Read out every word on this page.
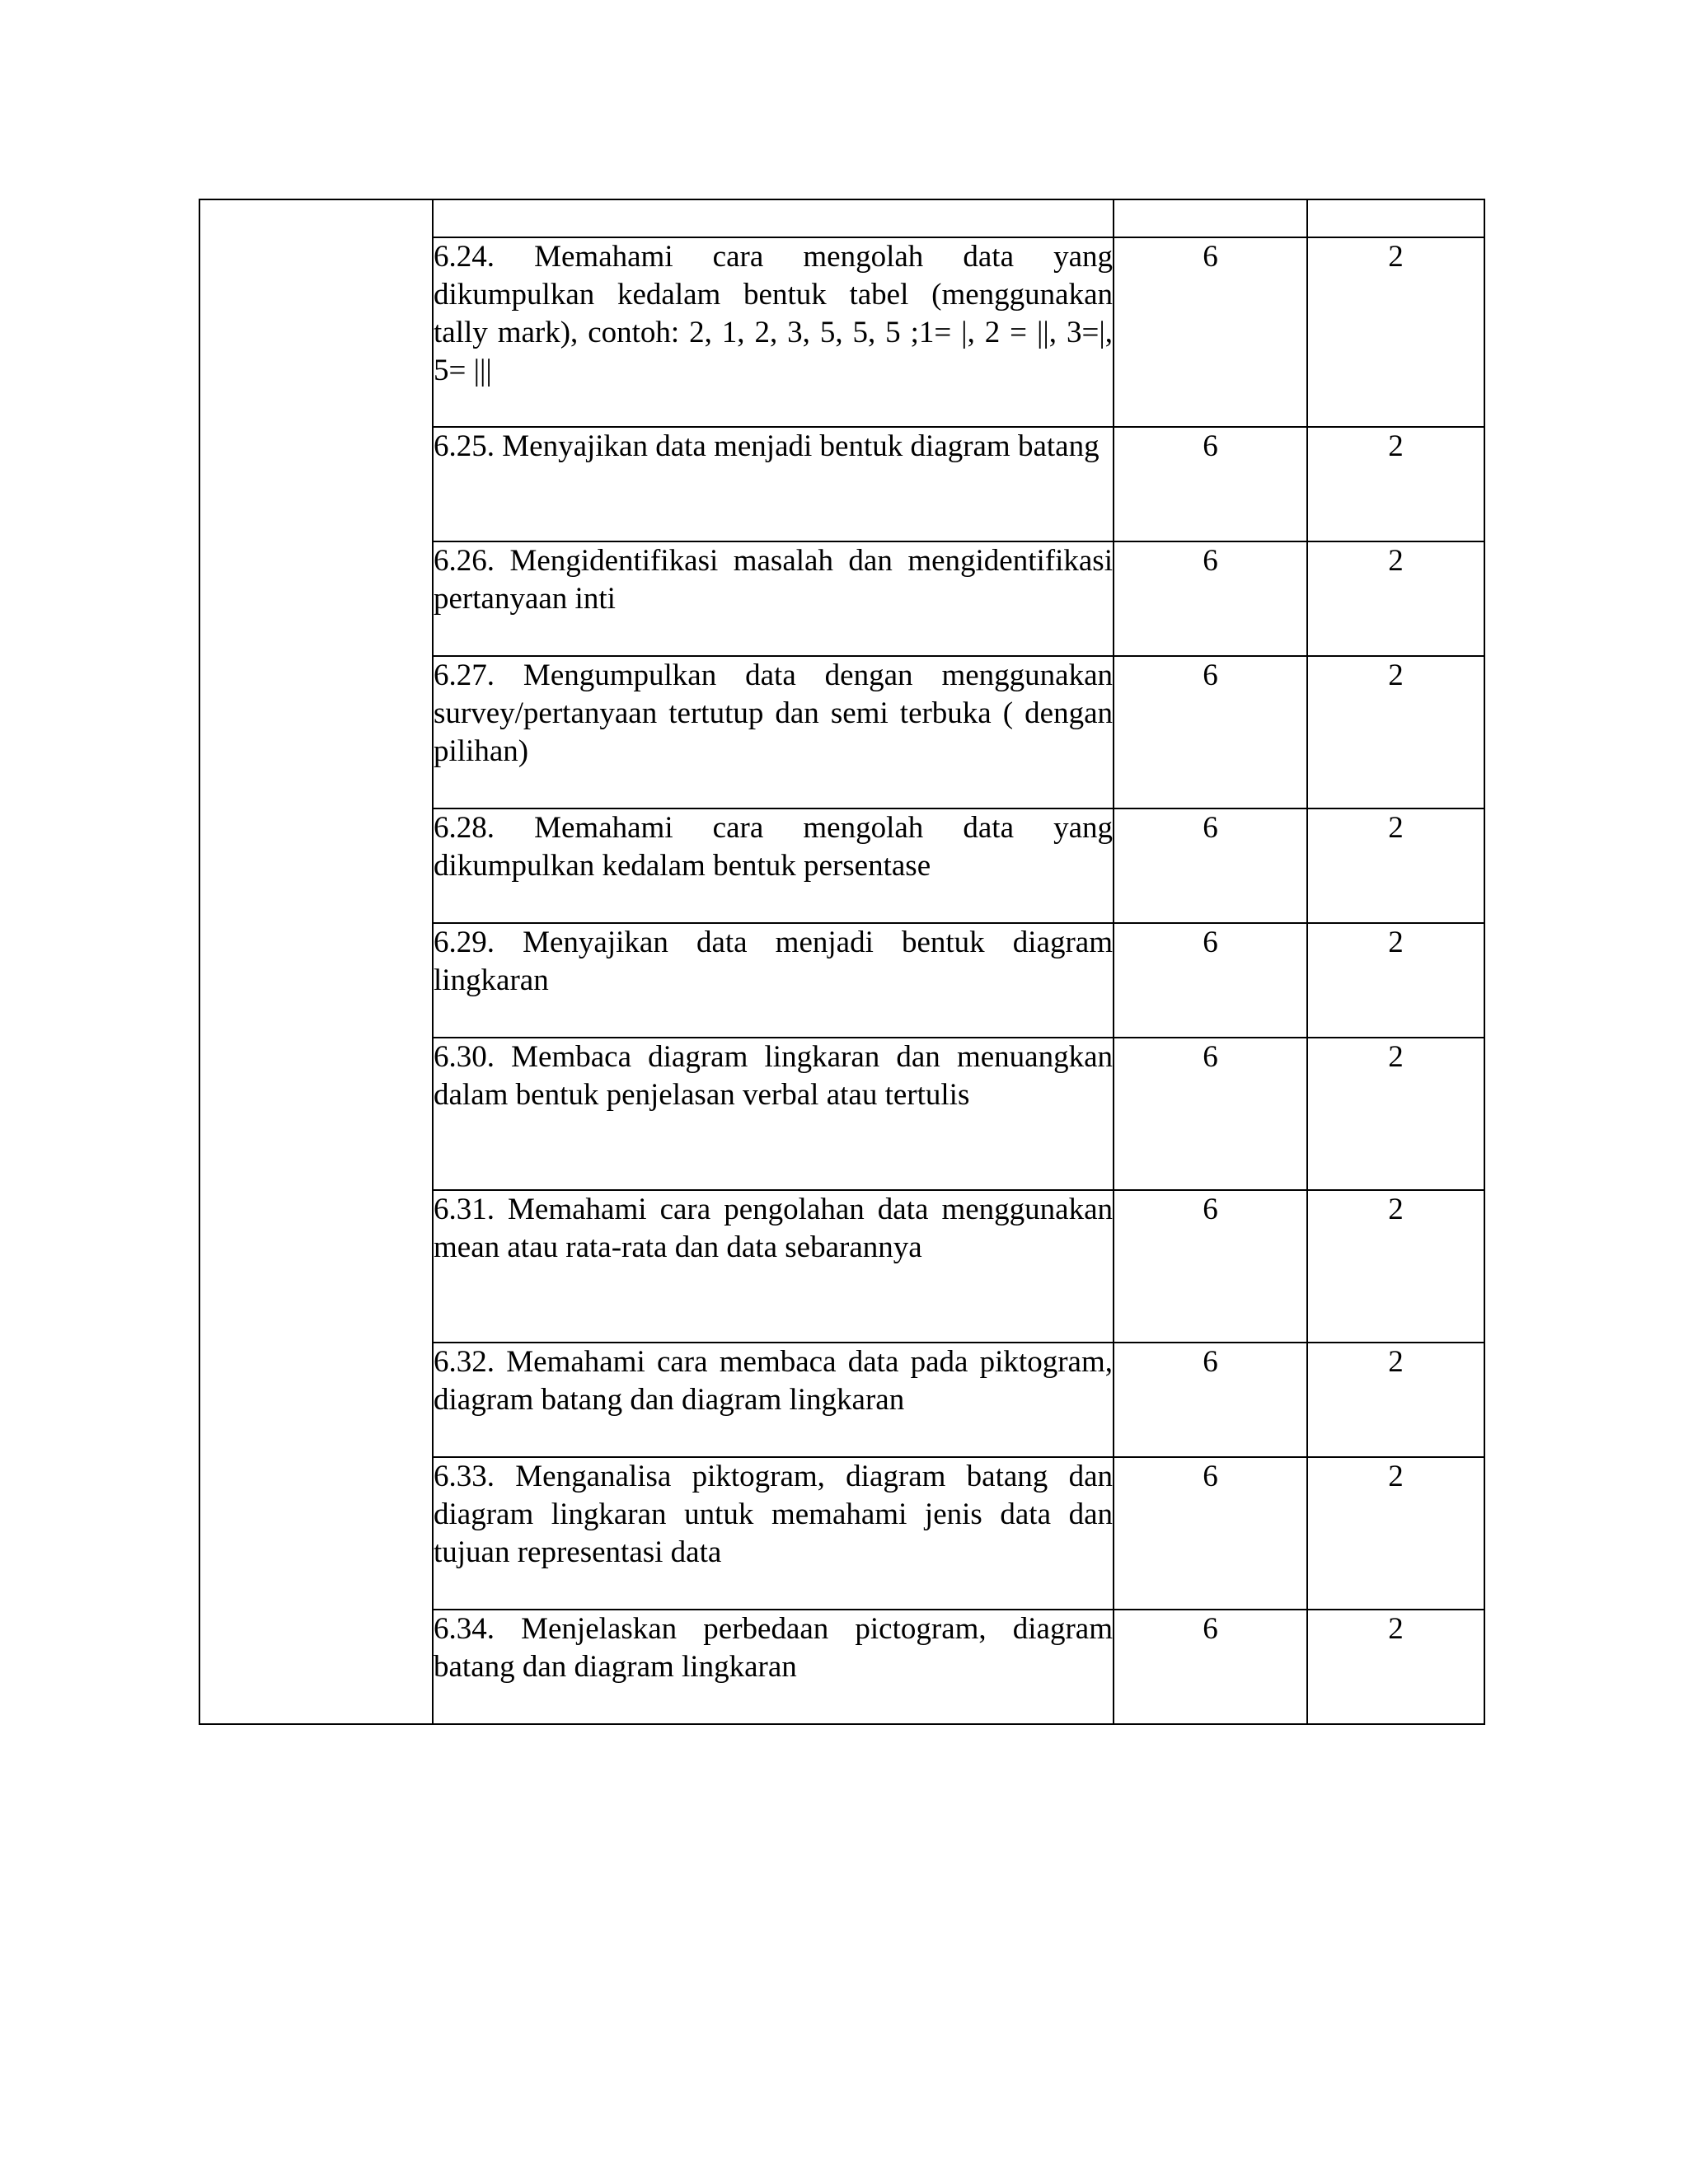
	6.24. Memahami cara mengolah data yang dikumpulkan kedalam bentuk tabel (menggunakan tally mark), contoh: 2, 1, 2, 3, 5, 5, 5 ;1= |, 2 = ||, 3=|, 5= |||	6	2
	6.25. Menyajikan data menjadi bentuk diagram batang	6	2
	6.26. Mengidentifikasi masalah dan mengidentifikasi pertanyaan inti	6	2
	6.27. Mengumpulkan data dengan menggunakan survey/pertanyaan tertutup dan semi terbuka ( dengan pilihan)	6	2
	6.28. Memahami cara mengolah data yang dikumpulkan kedalam bentuk persentase	6	2
	6.29. Menyajikan data menjadi bentuk diagram lingkaran	6	2
	6.30. Membaca diagram lingkaran dan menuangkan dalam bentuk penjelasan verbal atau tertulis	6	2
	6.31. Memahami cara pengolahan data menggunakan mean atau rata-rata dan data sebarannya	6	2
	6.32. Memahami cara membaca data pada piktogram, diagram batang dan diagram lingkaran	6	2
	6.33. Menganalisa piktogram, diagram batang dan diagram lingkaran untuk memahami jenis data dan tujuan representasi data	6	2
	6.34. Menjelaskan perbedaan pictogram, diagram batang dan diagram lingkaran	6	2
